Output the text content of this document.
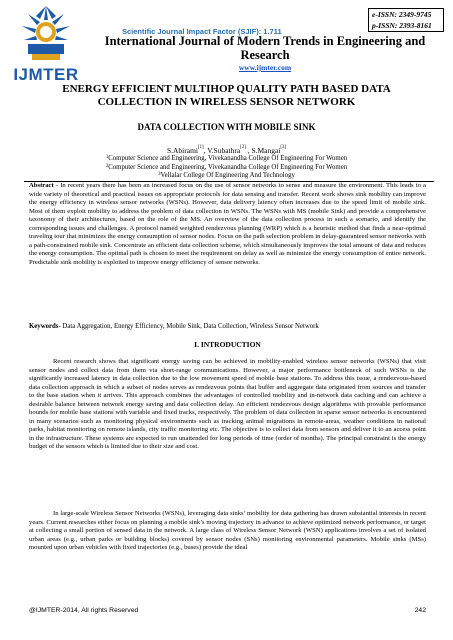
IJMTER
Scientific Journal Impact Factor (SJIF): 1.711
e-ISSN: 2349-9745
p-ISSN: 2393-8161
International Journal of Modern Trends in Engineering and Research
www.ijmter.com
ENERGY EFFICIENT MULTIHOP QUALITY PATH BASED DATA COLLECTION IN WIRELESS SENSOR NETWORK
DATA COLLECTION WITH MOBILE SINK
S.Abirami[1], V.Subathra[2] , S.Mangai[3]
$^1$Computer Science and Engineering, Vivekanandha College Of Engineering For Women
$^2$Computer Science and Engineering, Vivekanandha College Of Engineering For Women
$^3$Vellalar College Of Engineering And Technology
Abstract - In recent years there has been an increased focus on the use of sensor networks to sense and measure the environment. This leads to a wide variety of theoretical and practical issues on appropriate protocols for data sensing and transfer. Recent work shows sink mobility can improve the energy efficiency in wireless sensor networks (WSNs). However, data delivery latency often increases due to the speed limit of mobile sink. Most of them exploit mobility to address the problem of data collection in WSNs. The WSNs with MS (mobile Sink) and provide a comprehensive taxonomy of their architectures, based on the role of the MS. An overview of the data collection process in such a scenario, and identify the corresponding issues and challenges. A protocol named weighted rendezvous planning (WRP) which is a heuristic method that finds a near-optimal traveling tour that minimizes the energy consumption of sensor nodes. Focus on the path selection problem in delay-guaranteed sensor networks with a path-constrained mobile sink. Concentrate an efficient data collection scheme, which simultaneously improves the total amount of data and reduces the energy consumption. The optimal path is chosen to meet the requirement on delay as well as minimize the energy consumption of entire network. Predictable sink mobility is exploited to improve energy efficiency of sensor networks.
Keywords- Data Aggregation, Energy Efficiency, Mobile Sink, Data Collection, Wireless Sensor Network
I. INTRODUCTION
Recent research shows that significant energy saving can be achieved in mobility-enabled wireless sensor networks (WSNs) that visit sensor nodes and collect data from them via short-range communications. However, a major performance bottleneck of such WSNs is the significantly increased latency in data collection due to the low movement speed of mobile base stations. To address this issue, a rendezvous-based data collection approach in which a subset of nodes serves as rendezvous points that buffer and aggregate data originated from sources and transfer to the base station when it arrives. This approach combines the advantages of controlled mobility and in-network data caching and can achieve a desirable balance between network energy saving and data collection delay. An efficient rendezvous design algorithms with provable performance bounds for mobile base stations with variable and fixed tracks, respectively. The problem of data collection in sparse sensor networks is encountered in many scenarios such as monitoring physical environments such as tracking animal migrations in remote-areas, weather conditions in national parks, habitat monitoring on remote islands, city traffic monitoring etc. The objective is to collect data from sensors and deliver it to an access point in the infrastructure. These systems are expected to run unattended for long periods of time (order of months). The principal constraint is the energy budget of the sensors which is limited due to their size and cost.
In large-scale Wireless Sensor Networks (WSNs), leveraging data sinks’ mobility for data gathering has drawn substantial interests in recent years. Current researches either focus on planning a mobile sink’s moving trajectory in advance to achieve optimized network performance, or target at collecting a small portion of sensed data in the network. A large class of Wireless Sensor Network (WSN) applications involves a set of isolated urban areas (e.g., urban parks or building blocks) covered by sensor nodes (SNs) monitoring environmental parameters. Mobile sinks (MSs) mounted upon urban vehicles with fixed trajectories (e.g., buses) provide the ideal
@IJMTER-2014, All rights Reserved	242
